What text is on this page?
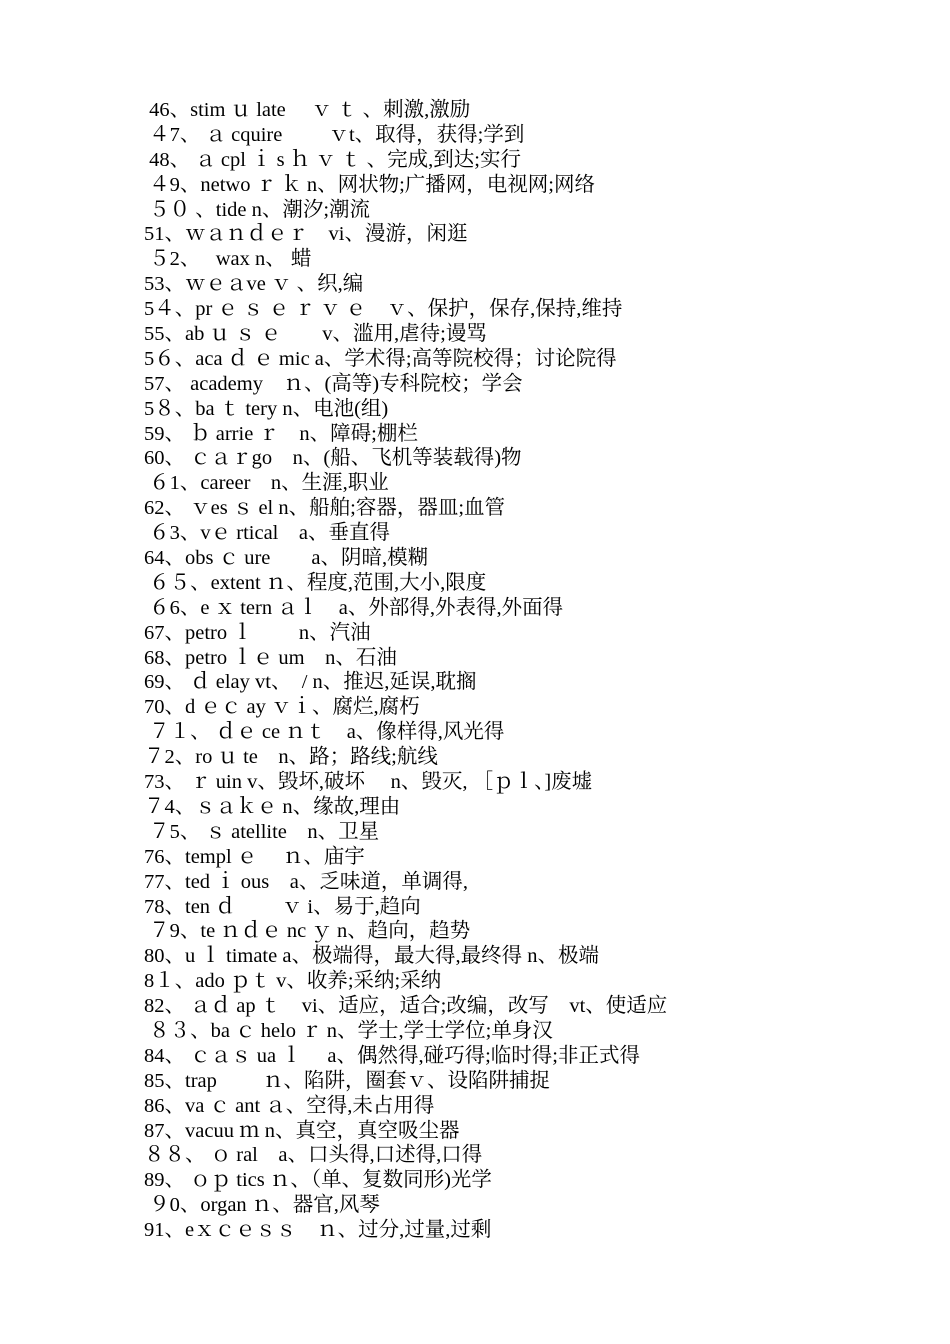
46、stim ｕ late　 ｖ ｔ 、刺激,激励
４7、 ａ cquire　 　ｖt、取得，获得;学到
48、 ａ cpl ｉ s ｈ ｖ ｔ 、完成,到达;实行
４9、netwo ｒ ｋ n、网状物;广播网，电视网;网络
５０ 、tide n、潮汐;潮流
51、ｗａｎｄｅｒ　vi、漫游，闲逛
５2、　 wax n、 蜡
53、ｗｅａve ｖ 、织,编
5４、pr ｅ ｓ ｅ ｒ ｖ ｅ　ｖ、保护，保存,保持,维持
55、ab ｕ ｓ ｅ　　v、滥用,虐待;谩骂
5６、aca ｄ ｅ mic a、学术得;高等院校得；讨论院得
57、 academy　ｎ、(高等)专科院校；学会
5８、ba ｔ tery n、电池(组)
59、 ｂ arrie ｒ　n、障碍;棚栏
60、 ｃａｒgo　n、(船、飞机等装载得)物
６1、career　n、生涯,职业
62、 ｖes ｓ el n、船舶;容器，器皿;血管
６3、vｅ rtical　a、垂直得
64、obs ｃ ure　　a、阴暗,模糊
６５、extent ｎ、程度,范围,大小,限度
６6、e ｘ tern ａｌ　a、外部得,外表得,外面得
67、petro ｌ　　 n、汽油
68、petro ｌｅ um　n、石油
69、 ｄ elay vt、　/ n、推迟,延误,耽搁
70、d ｅｃ ay ｖｉ、腐烂,腐朽
７１、 ｄｅ ce ｎｔ　a、像样得,风光得
７2、ro ｕ te　n、路；路线;航线
73、 ｒ uin v、毁坏,破坏　 n、毁灭, ［ｐｌ、]废墟
７4、ｓａｋｅ n、缘故,理由
７5、 ｓ atellite　n、卫星
76、templ ｅ　 ｎ、庙宇
77、ted ｉ ous　a、乏味道，单调得,
78、ten ｄ　　 ｖ i、易于,趋向
７9、te ｎｄｅ nc ｙ n、趋向，趋势
80、u ｌ timate a、极端得，最大得,最终得 n、极端
8１、ado ｐｔ v、收养;采纳;采纳
82、 ａｄ ap ｔ　vi、适应，适合;改编，改写　vt、使适应
８３、ba ｃ helo ｒ n、学士,学士学位;单身汉
84、 ｃａｓ ua ｌ　 a、偶然得,碰巧得;临时得;非正式得
85、trap　　 ｎ、陷阱，圈套ｖ、设陷阱捕捉
86、va ｃ ant ａ、空得,未占用得
87、vacuu ｍ n、真空，真空吸尘器
８８、 ｏ ral　a、口头得,口述得,口得
89、 ｏｐ tics ｎ、（单、复数同形)光学
９0、organ ｎ、器官,风琴
91、eｘｃｅｓｓ　ｎ、过分,过量,过剩
